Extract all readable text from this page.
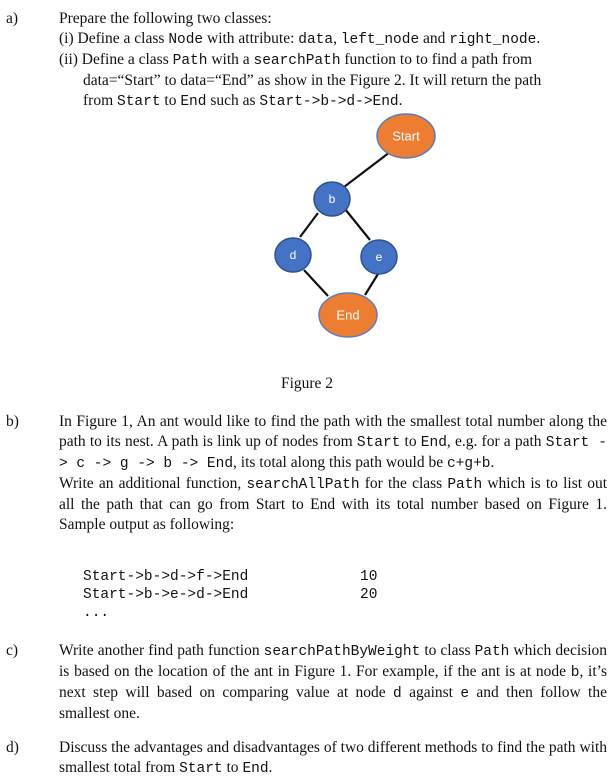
a)	Prepare the following two classes:

(i) Define a class Node with attribute: data, left_node and right_node.

(ii) Define a class Path with a searchPath function to to find a path from

data=“Start” to data=“End” as show in the Figure 2. It will return the path

from Start to End such as Start->b->d->End.

Start
b
d	e
End
Figure 2
b)	In Figure 1, An ant would like to find the path with the smallest total number along the path to its nest. A path is link up of nodes from Start to End, e.g. for a path Start -> c -> g -> b -> End, its total along this path would be c+g+b.

Write an additional function, searchAllPath for the class Path which is to list out all the path that can go from Start to End with its total number based on Figure 1. Sample output as following:

Start->b->d->f->End	10
Start->b->e->d->End	20
...
c)	Write another find path function searchPathByWeight to class Path which decision is based on the location of the ant in Figure 1. For example, if the ant is at node b, it’s next step will based on comparing value at node d against e and then follow the smallest one.
d)	Discuss the advantages and disadvantages of two different methods to find the path with smallest total from Start to End.
